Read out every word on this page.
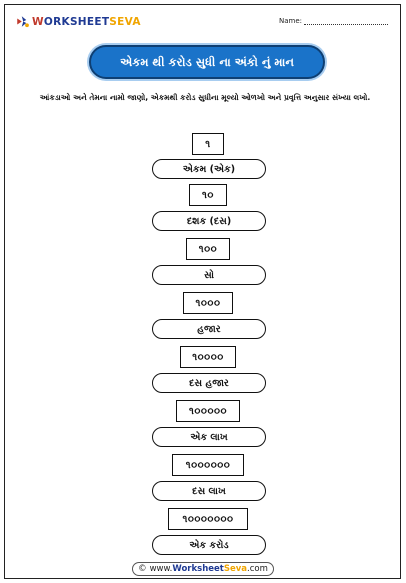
W ORKSHEET SEVA	Name:
એકમ થી કરોડ સુધી ના અંકો નું માન
આંકડાઓ અને તેમના નામો જાણો, એકમથી કરોડ સુધીના મૂલ્યો ઓળખો અને પ્રવૃત્તિ અનુસાર સંખ્યા લખો.
૧
એકમ (એક)
૧૦
દશક (દસ)
૧૦૦
સો
૧૦૦૦
હજાર
૧૦૦૦૦
દસ હજાર
૧૦૦૦૦૦
એક લાખ
૧૦૦૦૦૦૦
દસ લાખ
૧૦૦૦૦૦૦૦
એક કરોડ
© www. Worksheet Seva .com
